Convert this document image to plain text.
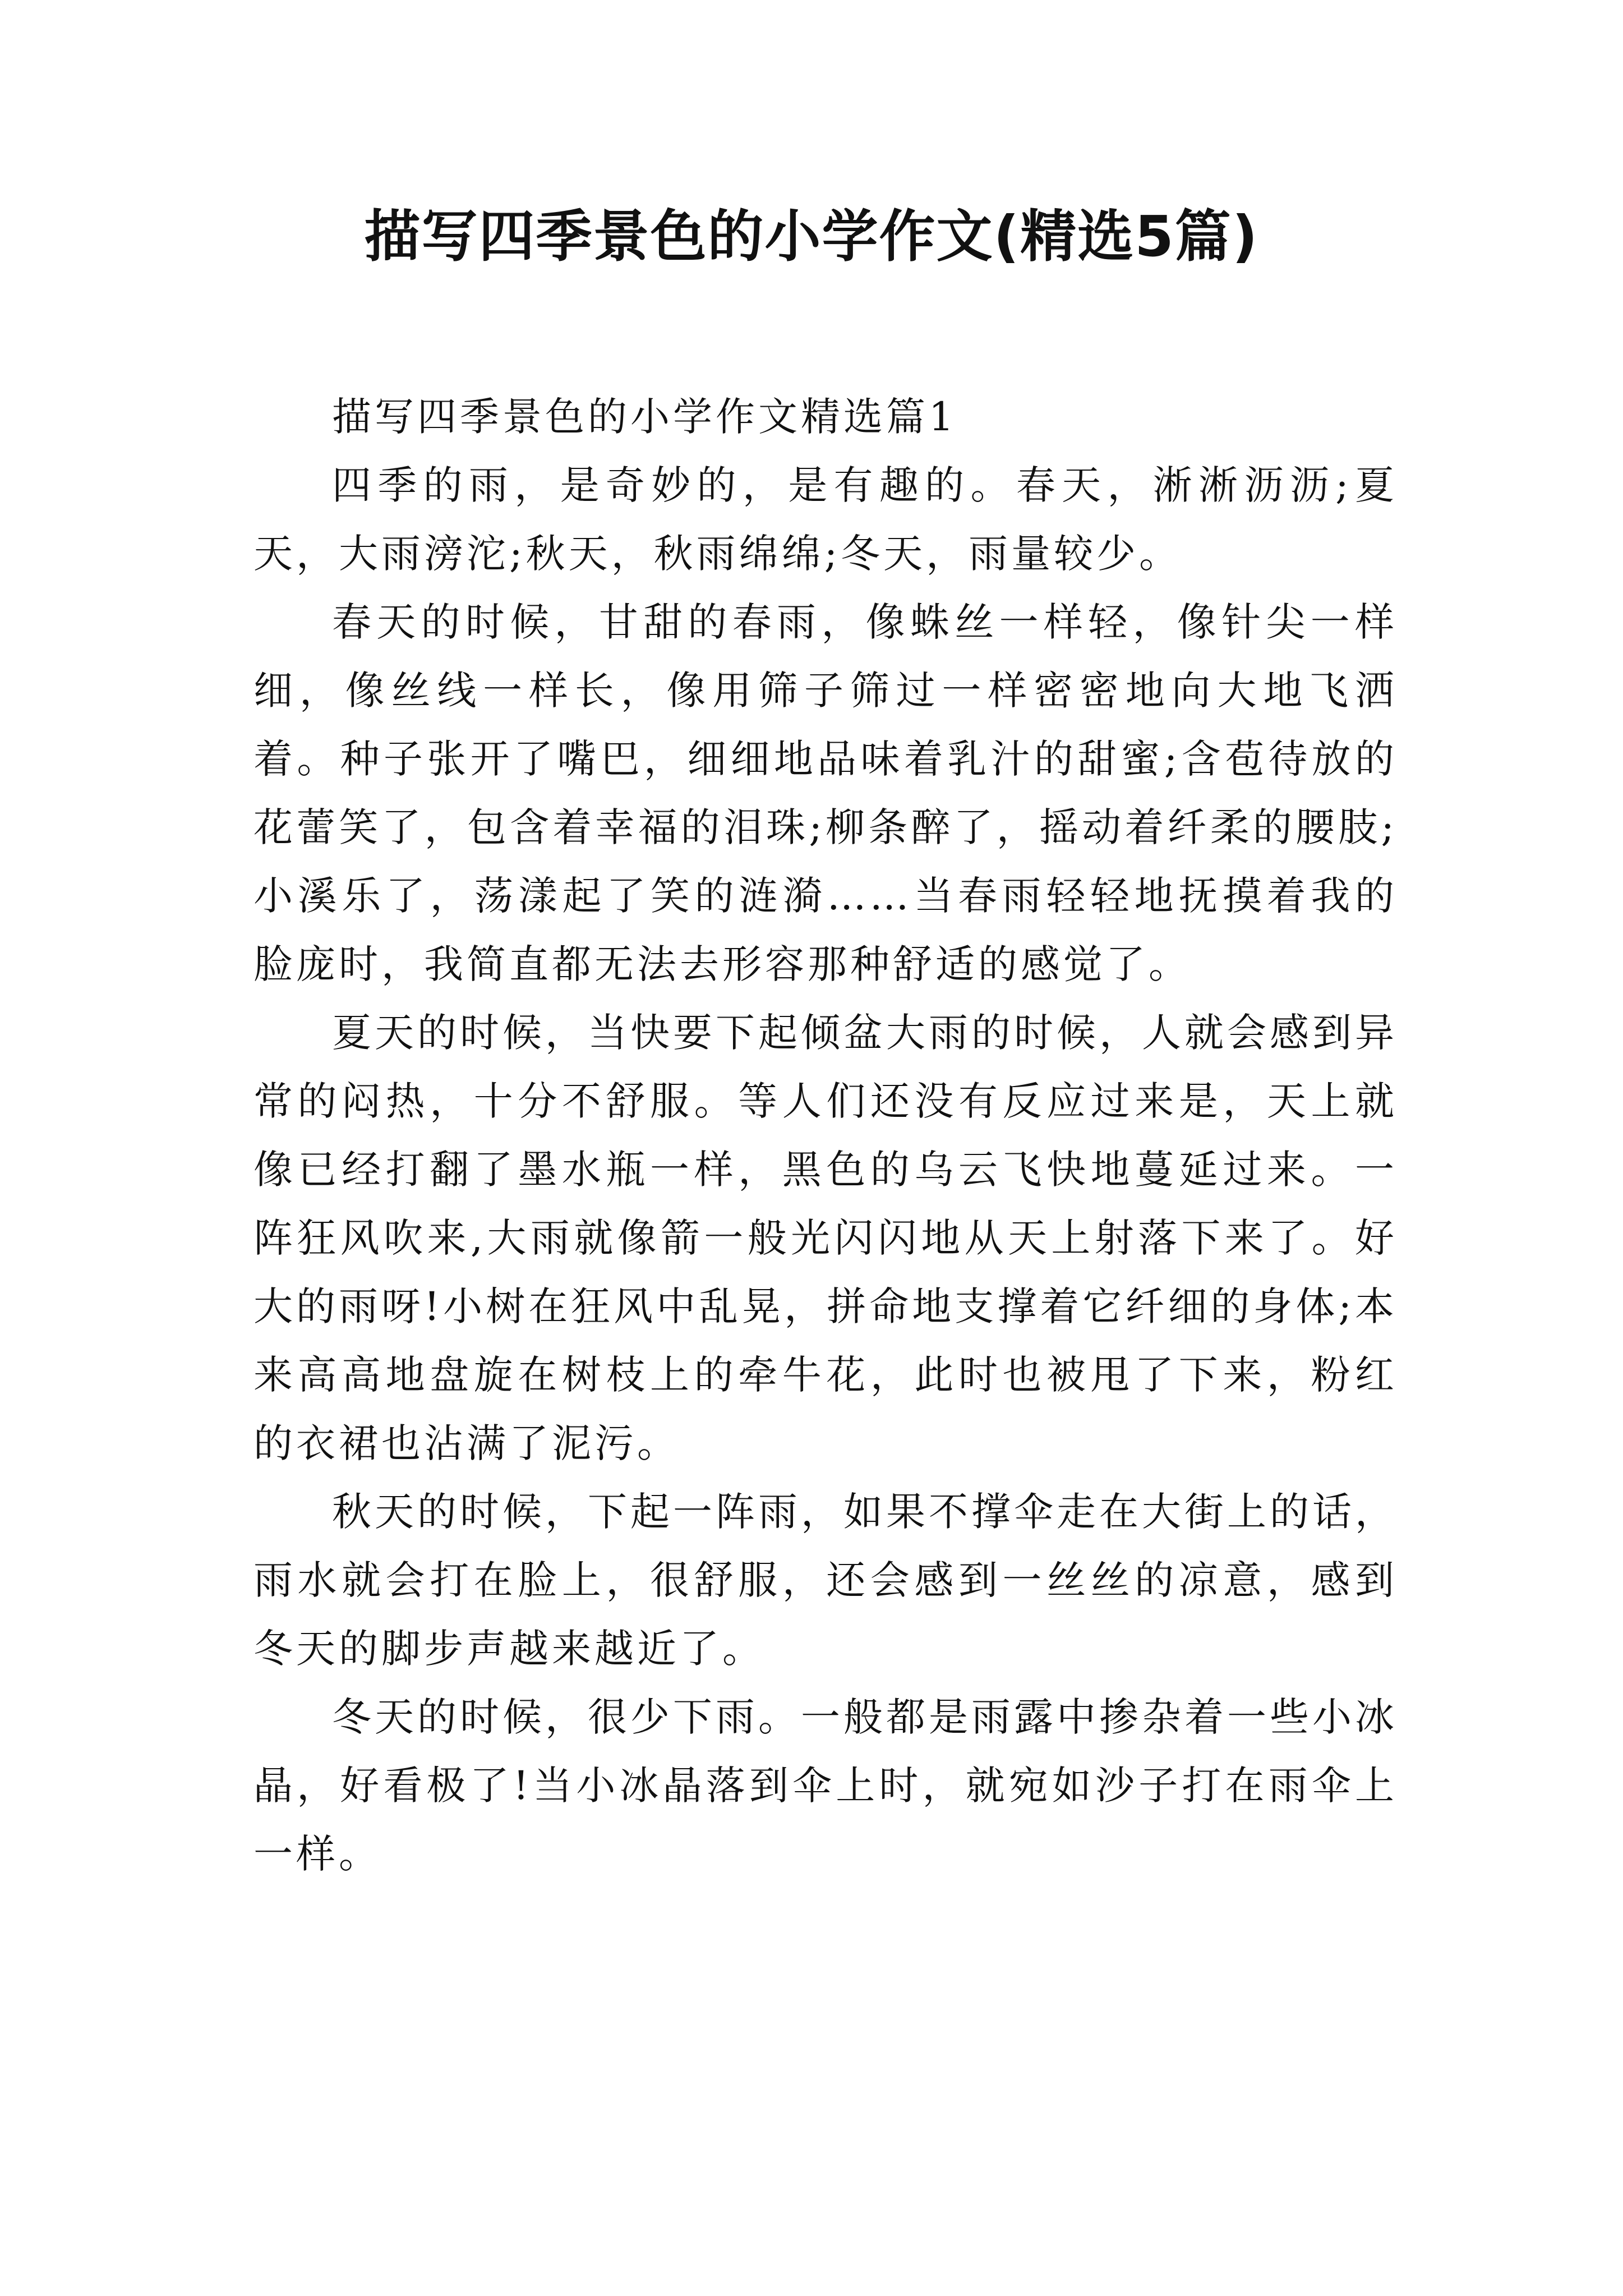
描写四季景色的小学作文(精选5篇)

描写四季景色的小学作文精选篇1

四季的雨，是奇妙的，是有趣的。春天，淅淅沥沥;夏天，大雨滂沱;秋天，秋雨绵绵;冬天，雨量较少。

春天的时候，甘甜的春雨，像蛛丝一样轻，像针尖一样细，像丝线一样长，像用筛子筛过一样密密地向大地飞洒着。种子张开了嘴巴，细细地品味着乳汁的甜蜜;含苞待放的花蕾笑了，包含着幸福的泪珠;柳条醉了，摇动着纤柔的腰肢;小溪乐了，荡漾起了笑的涟漪……当春雨轻轻地抚摸着我的脸庞时，我简直都无法去形容那种舒适的感觉了。

夏天的时候，当快要下起倾盆大雨的时候，人就会感到异常的闷热，十分不舒服。等人们还没有反应过来是，天上就像已经打翻了墨水瓶一样，黑色的乌云飞快地蔓延过来。一阵狂风吹来,大雨就像箭一般光闪闪地从天上射落下来了。好大的雨呀!小树在狂风中乱晃，拼命地支撑着它纤细的身体;本来高高地盘旋在树枝上的牵牛花，此时也被甩了下来，粉红的衣裙也沾满了泥污。

秋天的时候，下起一阵雨，如果不撑伞走在大街上的话，雨水就会打在脸上，很舒服，还会感到一丝丝的凉意，感到冬天的脚步声越来越近了。

冬天的时候，很少下雨。一般都是雨露中掺杂着一些小冰晶，好看极了!当小冰晶落到伞上时，就宛如沙子打在雨伞上一样。
